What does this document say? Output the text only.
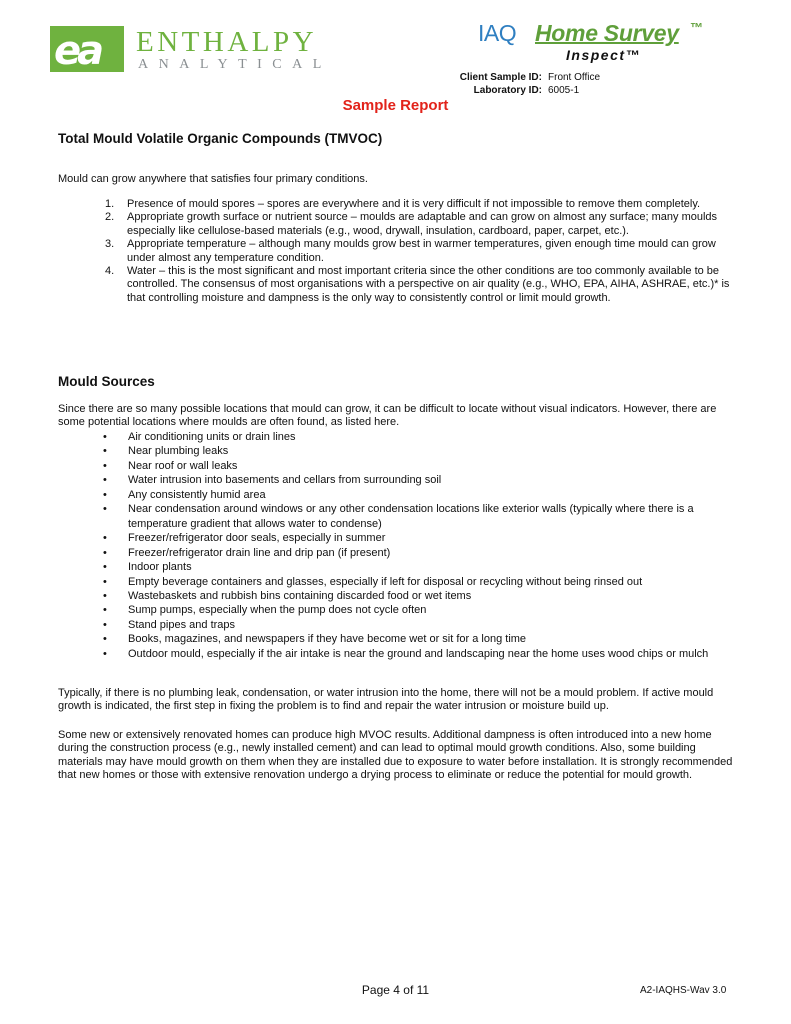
ea ENTHALPY
ANALYTICAL
IAQ Home Survey ™
Inspect™
Client Sample ID: Front Office
Laboratory ID: 6005-1
Sample Report
Total Mould Volatile Organic Compounds (TMVOC)

Mould can grow anywhere that satisfies four primary conditions.

1. Presence of mould spores – spores are everywhere and it is very difficult if not impossible to remove them completely.
2. Appropriate growth surface or nutrient source – moulds are adaptable and can grow on almost any surface; many moulds especially like cellulose-based materials (e.g., wood, drywall, insulation, cardboard, paper, carpet, etc.).
3. Appropriate temperature – although many moulds grow best in warmer temperatures, given enough time mould can grow under almost any temperature condition.
4. Water – this is the most significant and most important criteria since the other conditions are too commonly available to be controlled. The consensus of most organisations with a perspective on air quality (e.g., WHO, EPA, AIHA, ASHRAE, etc.)* is that controlling moisture and dampness is the only way to consistently control or limit mould growth.
Mould Sources

Since there are so many possible locations that mould can grow, it can be difficult to locate without visual indicators. However, there are some potential locations where moulds are often found, as listed here.

• Air conditioning units or drain lines
• Near plumbing leaks
• Near roof or wall leaks
• Water intrusion into basements and cellars from surrounding soil
• Any consistently humid area
• Near condensation around windows or any other condensation locations like exterior walls (typically where there is a temperature gradient that allows water to condense)
• Freezer/refrigerator door seals, especially in summer
• Freezer/refrigerator drain line and drip pan (if present)
• Indoor plants
• Empty beverage containers and glasses, especially if left for disposal or recycling without being rinsed out
• Wastebaskets and rubbish bins containing discarded food or wet items
• Sump pumps, especially when the pump does not cycle often
• Stand pipes and traps
• Books, magazines, and newspapers if they have become wet or sit for a long time
• Outdoor mould, especially if the air intake is near the ground and landscaping near the home uses wood chips or mulch

Typically, if there is no plumbing leak, condensation, or water intrusion into the home, there will not be a mould problem. If active mould growth is indicated, the first step in fixing the problem is to find and repair the water intrusion or moisture build up.

Some new or extensively renovated homes can produce high MVOC results. Additional dampness is often introduced into a new home during the construction process (e.g., newly installed cement) and can lead to optimal mould growth conditions. Also, some building materials may have mould growth on them when they are installed due to exposure to water before installation. It is strongly recommended that new homes or those with extensive renovation undergo a drying process to eliminate or reduce the potential for mould growth.

Page 4 of 11	A2-IAQHS-Wav 3.0
